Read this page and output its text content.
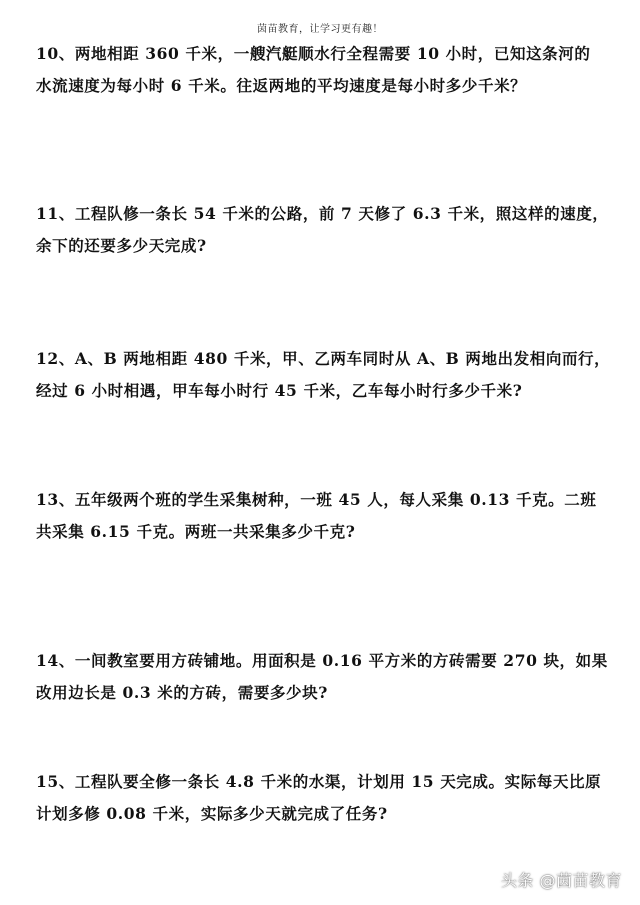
茵苗教育，让学习更有趣！

10、两地相距 360 千米，一艘汽艇顺水行全程需要 10 小时，已知这条河的

水流速度为每小时 6 千米。往返两地的平均速度是每小时多少千米？

11、工程队修一条长 54 千米的公路，前 7 天修了 6.3 千米，照这样的速度，

余下的还要多少天完成?

12、A、B 两地相距 480 千米，甲、乙两车同时从 A、B 两地出发相向而行，

经过 6 小时相遇，甲车每小时行 45 千米，乙车每小时行多少千米?

13、五年级两个班的学生采集树种，一班 45 人，每人采集 0.13 千克。二班

共采集 6.15 千克。两班一共采集多少千克?

14、一间教室要用方砖铺地。用面积是 0.16 平方米的方砖需要 270 块，如果

改用边长是 0.3 米的方砖，需要多少块?

15、工程队要全修一条长 4.8 千米的水渠，计划用 15 天完成。实际每天比原

计划多修 0.08 千米，实际多少天就完成了任务?

头条 @茵苗教育
